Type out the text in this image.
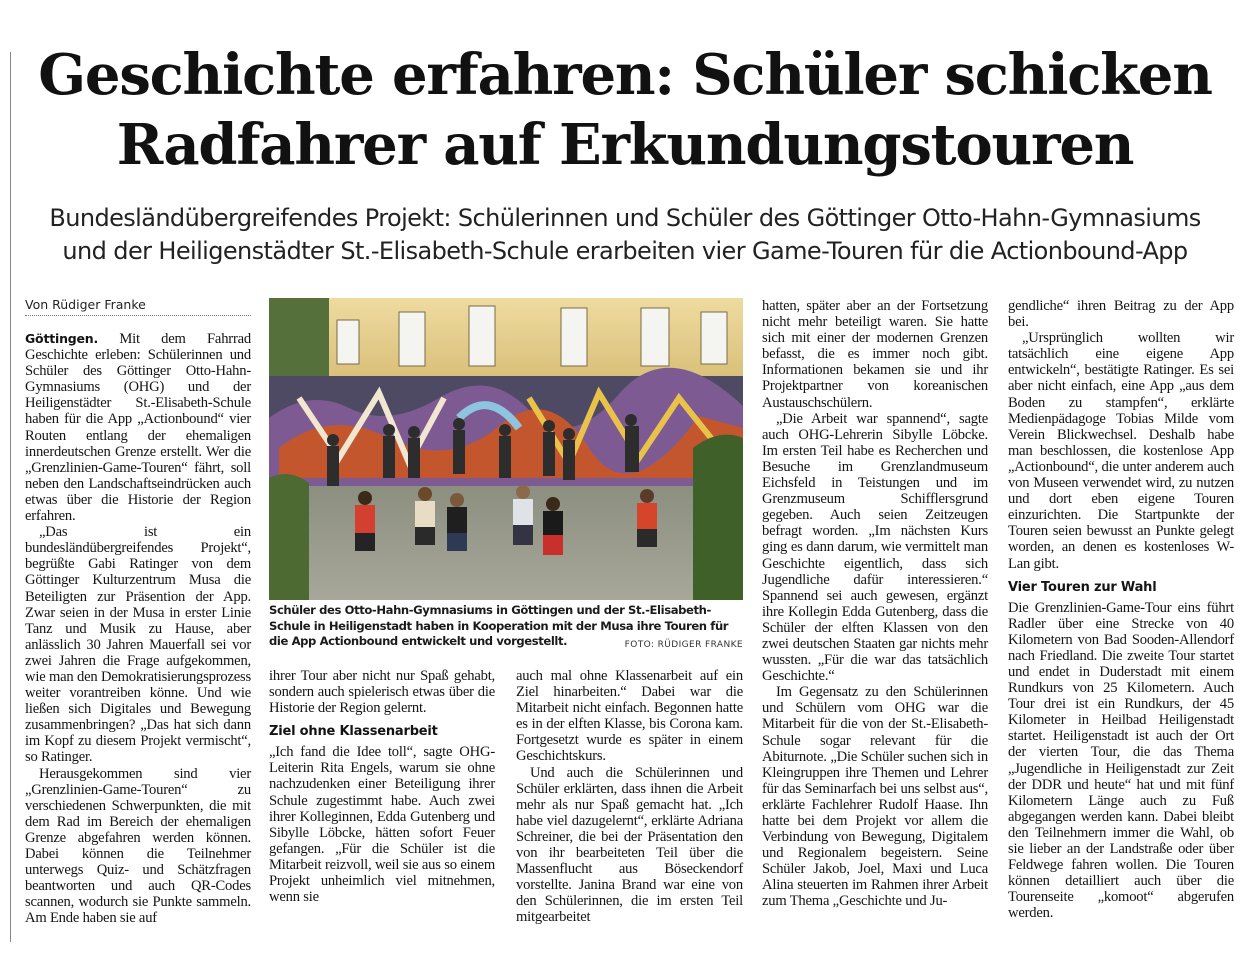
Geschichte erfahren: Schüler schicken
Radfahrer auf Erkundungstouren
Bundesländübergreifendes Projekt: Schülerinnen und Schüler des Göttinger Otto-Hahn-Gymnasiums
und der Heiligenstädter St.-Elisabeth-Schule erarbeiten vier Game-Touren für die Actionbound-App
Von Rüdiger Franke

Göttingen. Mit dem Fahrrad Geschichte erleben: Schülerinnen und Schüler des Göttinger Otto-Hahn-Gymnasiums (OHG) und der Heiligenstädter St.-Elisabeth-Schule haben für die App „Actionbound“ vier Routen entlang der ehemaligen innerdeutschen Grenze erstellt. Wer die „Grenzlinien-Game-Touren“ fährt, soll neben den Landschaftseindrücken auch etwas über die Historie der Region erfahren.

„Das ist ein bundesländübergreifendes Projekt“, begrüßte Gabi Ratinger von dem Göttinger Kulturzentrum Musa die Beteiligten zur Präsention der App. Zwar seien in der Musa in erster Linie Tanz und Musik zu Hause, aber anlässlich 30 Jahren Mauerfall sei vor zwei Jahren die Frage aufgekommen, wie man den Demokratisierungsprozess weiter vorantreiben könne. Und wie ließen sich Digitales und Bewegung zusammenbringen? „Das hat sich dann im Kopf zu diesem Projekt vermischt“, so Ratinger.

Herausgekommen sind vier „Grenzlinien-Game-Touren“ zu verschiedenen Schwerpunkten, die mit dem Rad im Bereich der ehemaligen Grenze abgefahren werden können. Dabei können die Teilnehmer unterwegs Quiz- und Schätzfragen beantworten und auch QR-Codes scannen, wodurch sie Punkte sammeln. Am Ende haben sie auf

Schüler des Otto-Hahn-Gymnasiums in Göttingen und der St.-Elisabeth-Schule in Heiligenstadt haben in Kooperation mit der Musa ihre Touren für die App Actionbound entwickelt und vorgestellt.	FOTO: RÜDIGER FRANKE

ihrer Tour aber nicht nur Spaß gehabt, sondern auch spielerisch etwas über die Historie der Region gelernt.

Ziel ohne Klassenarbeit

„Ich fand die Idee toll“, sagte OHG-Leiterin Rita Engels, warum sie ohne nachzudenken einer Beteiligung ihrer Schule zugestimmt habe. Auch zwei ihrer Kolleginnen, Edda Gutenberg und Sibylle Löbcke, hätten sofort Feuer gefangen. „Für die Schüler ist die Mitarbeit reizvoll, weil sie aus so einem Projekt unheimlich viel mitnehmen, wenn sie

auch mal ohne Klassenarbeit auf ein Ziel hinarbeiten.“ Dabei war die Mitarbeit nicht einfach. Begonnen hatte es in der elften Klasse, bis Corona kam. Fortgesetzt wurde es später in einem Geschichtskurs.

Und auch die Schülerinnen und Schüler erklärten, dass ihnen die Arbeit mehr als nur Spaß gemacht hat. „Ich habe viel dazugelernt“, erklärte Adriana Schreiner, die bei der Präsentation den von ihr bearbeiteten Teil über die Massenflucht aus Böseckendorf vorstellte. Janina Brand war eine von den Schülerinnen, die im ersten Teil mitgearbeitet

hatten, später aber an der Fortsetzung nicht mehr beteiligt waren. Sie hatte sich mit einer der modernen Grenzen befasst, die es immer noch gibt. Informationen bekamen sie und ihr Projektpartner von koreanischen Austauschschülern.

„Die Arbeit war spannend“, sagte auch OHG-Lehrerin Sibylle Löbcke. Im ersten Teil habe es Recherchen und Besuche im Grenzlandmuseum Eichsfeld in Teistungen und im Grenzmuseum Schifflersgrund gegeben. Auch seien Zeitzeugen befragt worden. „Im nächsten Kurs ging es dann darum, wie vermittelt man Geschichte eigentlich, dass sich Jugendliche dafür interessieren.“ Spannend sei auch gewesen, ergänzt ihre Kollegin Edda Gutenberg, dass die Schüler der elften Klassen von den zwei deutschen Staaten gar nichts mehr wussten. „Für die war das tatsächlich Geschichte.“

Im Gegensatz zu den Schülerinnen und Schülern vom OHG war die Mitarbeit für die von der St.-Elisabeth-Schule sogar relevant für die Abiturnote. „Die Schüler suchen sich in Kleingruppen ihre Themen und Lehrer für das Seminarfach bei uns selbst aus“, erklärte Fachlehrer Rudolf Haase. Ihn hatte bei dem Projekt vor allem die Verbindung von Bewegung, Digitalem und Regionalem begeistern. Seine Schüler Jakob, Joel, Maxi und Luca Alina steuerten im Rahmen ihrer Arbeit zum Thema „Geschichte und Ju-

gendliche“ ihren Beitrag zu der App bei.

„Ursprünglich wollten wir tatsächlich eine eigene App entwickeln“, bestätigte Ratinger. Es sei aber nicht einfach, eine App „aus dem Boden zu stampfen“, erklärte Medienpädagoge Tobias Milde vom Verein Blickwechsel. Deshalb habe man beschlossen, die kostenlose App „Actionbound“, die unter anderem auch von Museen verwendet wird, zu nutzen und dort eben eigene Touren einzurichten. Die Startpunkte der Touren seien bewusst an Punkte gelegt worden, an denen es kostenloses W-Lan gibt.

Vier Touren zur Wahl

Die Grenzlinien-Game-Tour eins führt Radler über eine Strecke von 40 Kilometern von Bad Sooden-Allendorf nach Friedland. Die zweite Tour startet und endet in Duderstadt mit einem Rundkurs von 25 Kilometern. Auch Tour drei ist ein Rundkurs, der 45 Kilometer in Heilbad Heiligenstadt startet. Heiligenstadt ist auch der Ort der vierten Tour, die das Thema „Jugendliche in Heiligenstadt zur Zeit der DDR und heute“ hat und mit fünf Kilometern Länge auch zu Fuß abgegangen werden kann. Dabei bleibt den Teilnehmern immer die Wahl, ob sie lieber an der Landstraße oder über Feldwege fahren wollen. Die Touren können detailliert auch über die Tourenseite „komoot“ abgerufen werden.
